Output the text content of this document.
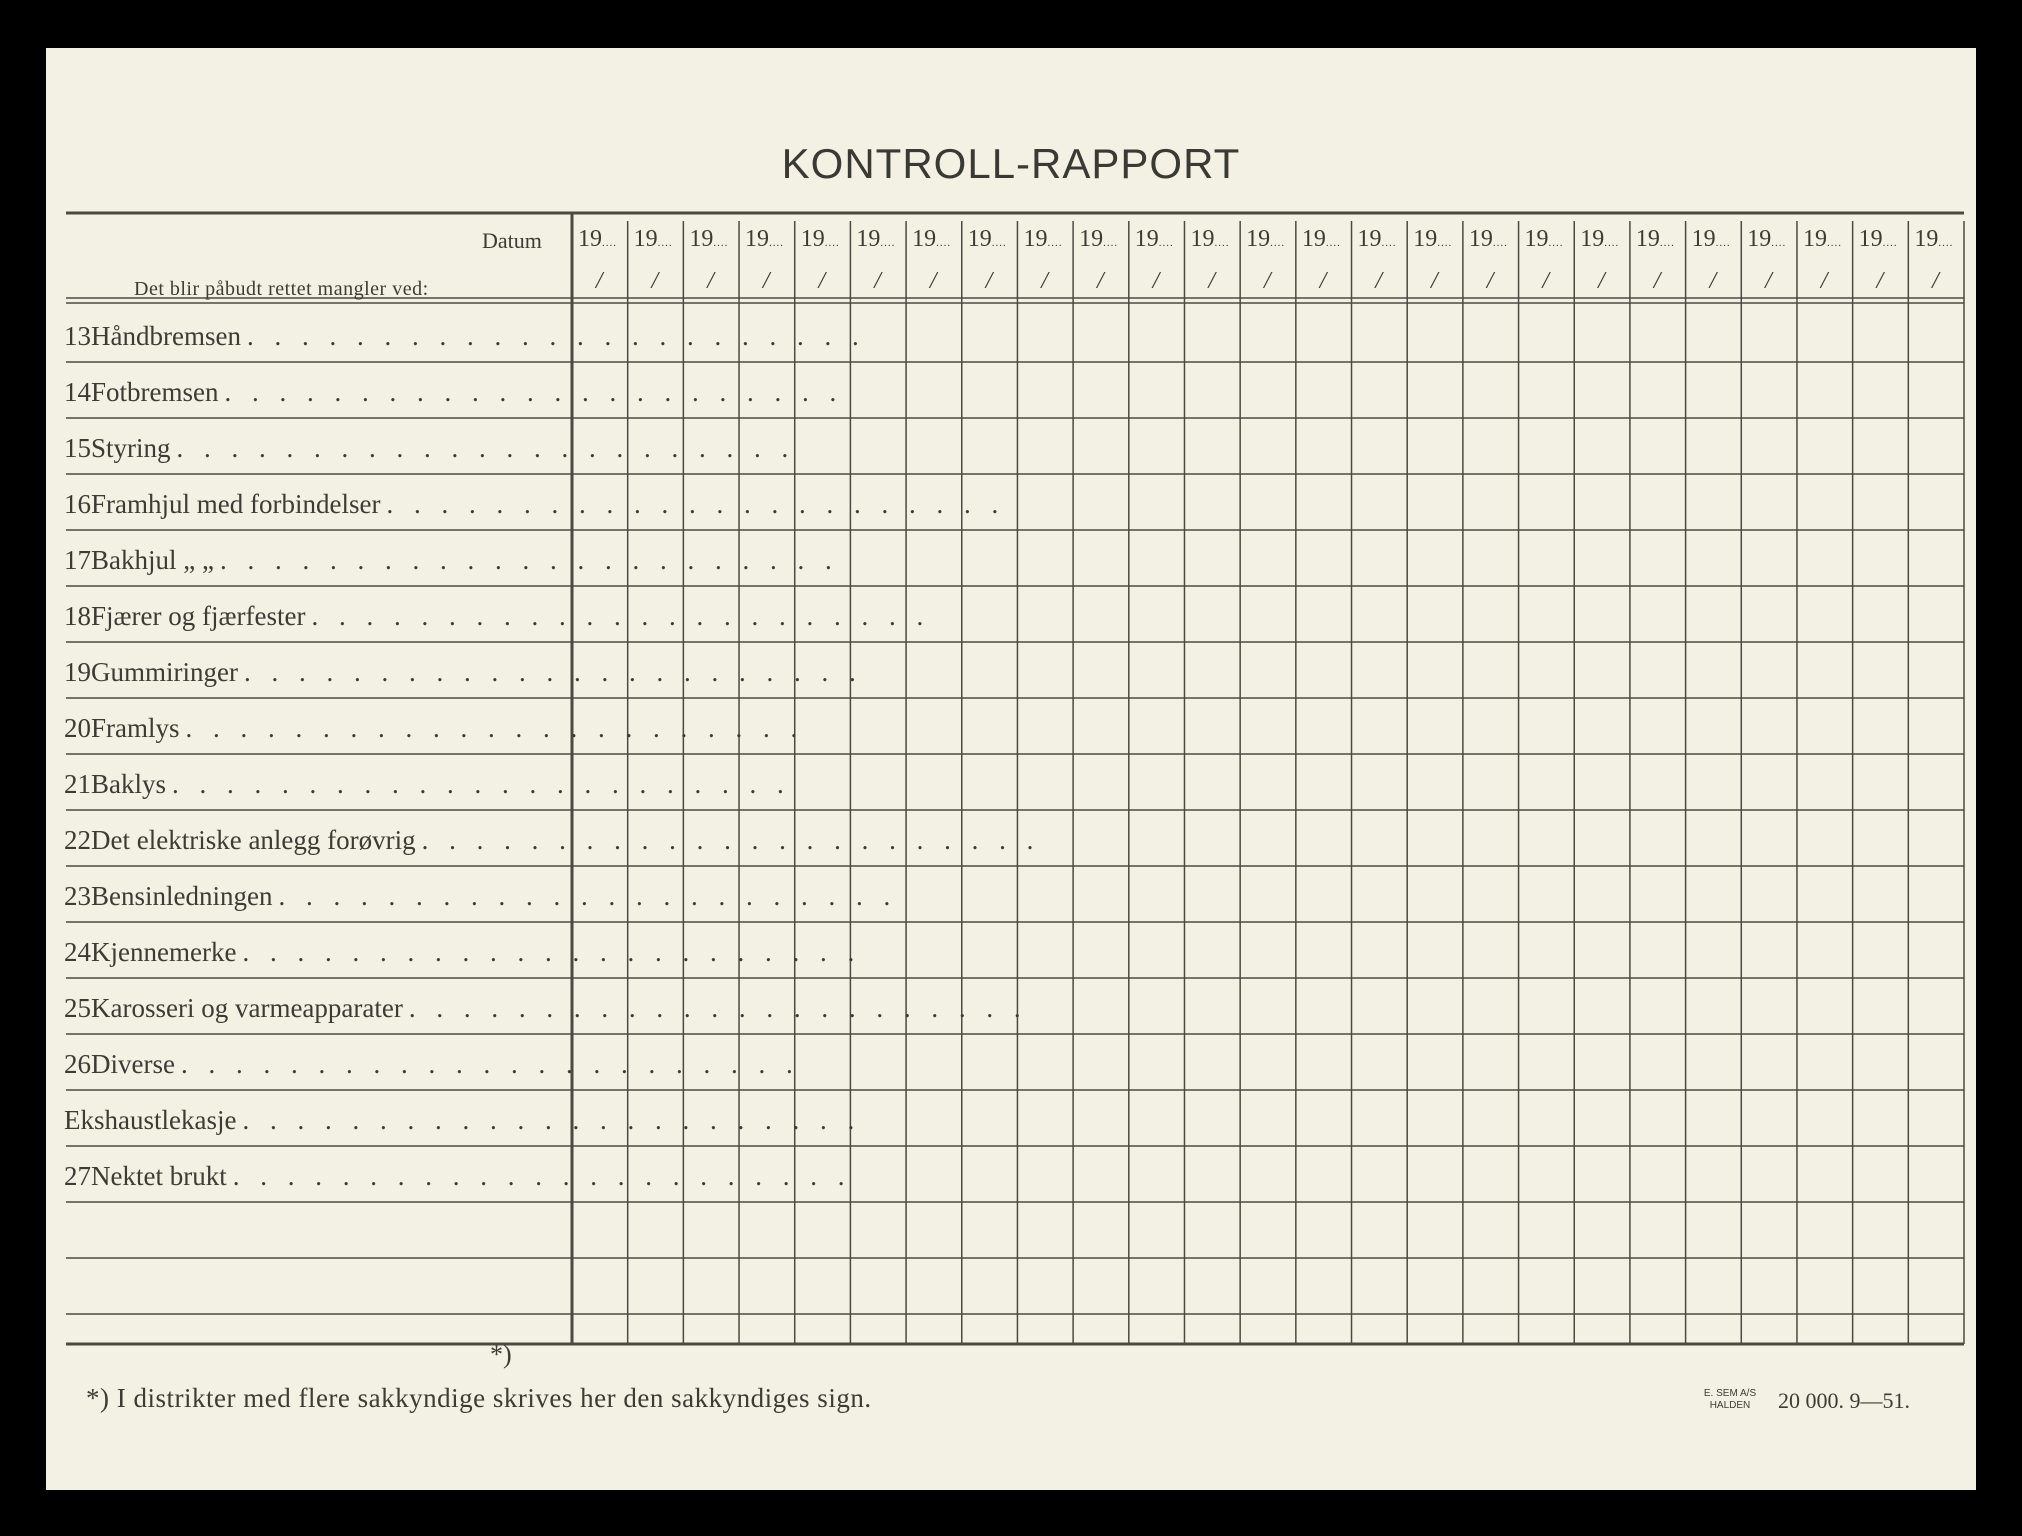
KONTROLL-RAPPORT
Datum
Det blir påbudt rettet mangler ved:
19....
/
19....
/
19....
/
19....
/
19....
/
19....
/
19....
/
19....
/
19....
/
19....
/
19....
/
19....
/
19....
/
19....
/
19....
/
19....
/
19....
/
19....
/
19....
/
19....
/
19....
/
19....
/
19....
/
19....
/
19....
/
13 Håndbremsen . . . . . . . . . . . . . . . . . . . . . . .
14 Fotbremsen . . . . . . . . . . . . . . . . . . . . . . .
15 Styring . . . . . . . . . . . . . . . . . . . . . . .
16 Framhjul med forbindelser . . . . . . . . . . . . . . . . . . . . . . .
17 Bakhjul „ „ . . . . . . . . . . . . . . . . . . . . . . .
18 Fjærer og fjærfester . . . . . . . . . . . . . . . . . . . . . . .
19 Gummiringer . . . . . . . . . . . . . . . . . . . . . . .
20 Framlys . . . . . . . . . . . . . . . . . . . . . . .
21 Baklys . . . . . . . . . . . . . . . . . . . . . . .
22 Det elektriske anlegg forøvrig . . . . . . . . . . . . . . . . . . . . . . .
23 Bensinledningen . . . . . . . . . . . . . . . . . . . . . . .
24 Kjennemerke . . . . . . . . . . . . . . . . . . . . . . .
25 Karosseri og varmeapparater . . . . . . . . . . . . . . . . . . . . . . .
26 Diverse . . . . . . . . . . . . . . . . . . . . . . .
Ekshaustlekasje . . . . . . . . . . . . . . . . . . . . . . .
27 Nektet brukt . . . . . . . . . . . . . . . . . . . . . . .
*)
*) I distrikter med flere sakkyndige skrives her den sakkyndiges sign.	E. SEM A/S
HALDEN	20 000. 9—51.
